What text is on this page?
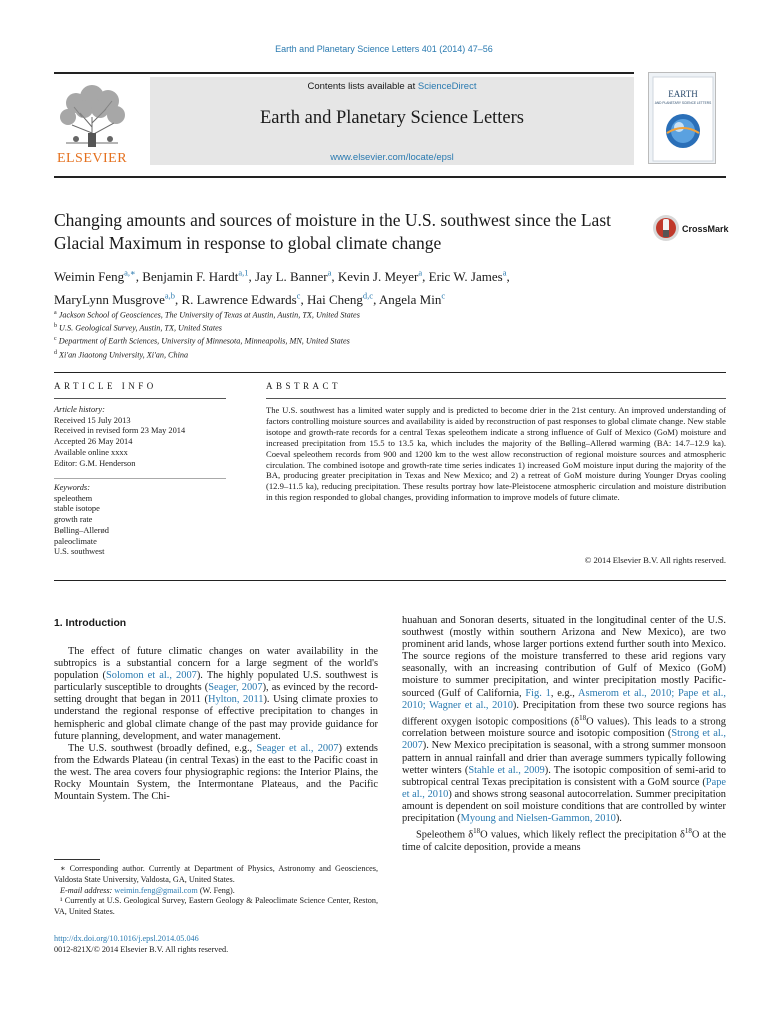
Earth and Planetary Science Letters 401 (2014) 47–56
ELSEVIER
Contents lists available at ScienceDirect
Earth and Planetary Science Letters
www.elsevier.com/locate/epsl
EARTH
AND PLANETARY SCIENCE LETTERS
Changing amounts and sources of moisture in the U.S. southwest since the Last Glacial Maximum in response to global climate change
CrossMark
Weimin Feng$^{a,∗}$, Benjamin F. Hardt$^{a,1}$, Jay L. Banner$^a$, Kevin J. Meyer$^a$, Eric W. James$^a$,
MaryLynn Musgrove$^{a,b}$, R. Lawrence Edwards$^c$, Hai Cheng$^{d,c}$, Angela Min$^c$
$^a$ Jackson School of Geosciences, The University of Texas at Austin, Austin, TX, United States
$^b$ U.S. Geological Survey, Austin, TX, United States
$^c$ Department of Earth Sciences, University of Minnesota, Minneapolis, MN, United States
$^d$ Xi'an Jiaotong University, Xi'an, China
ARTICLE INFO	ABSTRACT
Article history:
Received 15 July 2013
Received in revised form 23 May 2014
Accepted 26 May 2014
Available online xxxx
Editor: G.M. Henderson
Keywords:
speleothem
stable isotope
growth rate
Bølling–Allerød
paleoclimate
U.S. southwest
The U.S. southwest has a limited water supply and is predicted to become drier in the 21st century. An improved understanding of factors controlling moisture sources and availability is aided by reconstruction of past responses to global climate change. New stable isotope and growth-rate records for a central Texas speleothem indicate a strong influence of Gulf of Mexico (GoM) moisture and increased precipitation from 15.5 to 13.5 ka, which includes the majority of the Bølling–Allerød warming (BA: 14.7–12.9 ka). Coeval speleothem records from 900 and 1200 km to the west allow reconstruction of regional moisture sources and atmospheric circulation. The combined isotope and growth-rate time series indicates 1) increased GoM moisture input during the majority of the BA, producing greater precipitation in Texas and New Mexico; and 2) a retreat of GoM moisture during Younger Dryas cooling (12.9–11.5 ka), reducing precipitation. These results portray how late-Pleistocene atmospheric circulation and moisture distribution in this region responded to global changes, providing information to improve models of future climate.
© 2014 Elsevier B.V. All rights reserved.
1. Introduction

The effect of future climatic changes on water availability in the subtropics is a substantial concern for a large segment of the world's population (Solomon et al., 2007). The highly populated U.S. southwest is particularly susceptible to droughts (Seager, 2007), as evinced by the record-setting drought that began in 2011 (Hylton, 2011). Using climate proxies to understand the regional response of effective precipitation to changes in hemispheric and global climate change of the past may provide guidance for future planning, development, and water management.

The U.S. southwest (broadly defined, e.g., Seager et al., 2007) extends from the Edwards Plateau (in central Texas) in the east to the Pacific coast in the west. The area covers four physiographic regions: the Interior Plains, the Rocky Mountain System, the Intermontane Plateaus, and the Pacific Mountain System. The Chi-

huahuan and Sonoran deserts, situated in the longitudinal center of the U.S. southwest (mostly within southern Arizona and New Mexico), are two prominent arid lands, whose larger portions extend further south into Mexico. The source regions of the moisture transferred to these arid regions vary seasonally, with an increasing contribution of Gulf of Mexico (GoM) moisture to summer precipitation, and winter precipitation mostly Pacific-sourced (Gulf of California, Fig. 1, e.g., Asmerom et al., 2010; Pape et al., 2010; Wagner et al., 2010). Precipitation from these two source regions has different oxygen isotopic compositions ($\delta^{18}O$ values). This leads to a strong correlation between moisture source and isotopic composition (Strong et al., 2007). New Mexico precipitation is seasonal, with a strong summer monsoon pattern in annual rainfall and drier than average summers typically following wetter winters (Stahle et al., 2009). The isotopic composition of semi-arid to subtropical central Texas precipitation is consistent with a GoM source (Pape et al., 2010) and shows strong seasonal autocorrelation. Summer precipitation amount is dependent on soil moisture conditions that are controlled by winter precipitation (Myoung and Nielsen-Gammon, 2010).

Speleothem $\delta^{18}O$ values, which likely reflect the precipitation $\delta^{18}O$ at the time of calcite deposition, provide a means

∗ Corresponding author. Currently at Department of Physics, Astronomy and Geosciences, Valdosta State University, Valdosta, GA, United States.

E-mail address: weimin.feng@gmail.com (W. Feng).

¹ Currently at U.S. Geological Survey, Eastern Geology & Paleoclimate Science Center, Reston, VA, United States.

http://dx.doi.org/10.1016/j.epsl.2014.05.046
0012-821X/© 2014 Elsevier B.V. All rights reserved.
